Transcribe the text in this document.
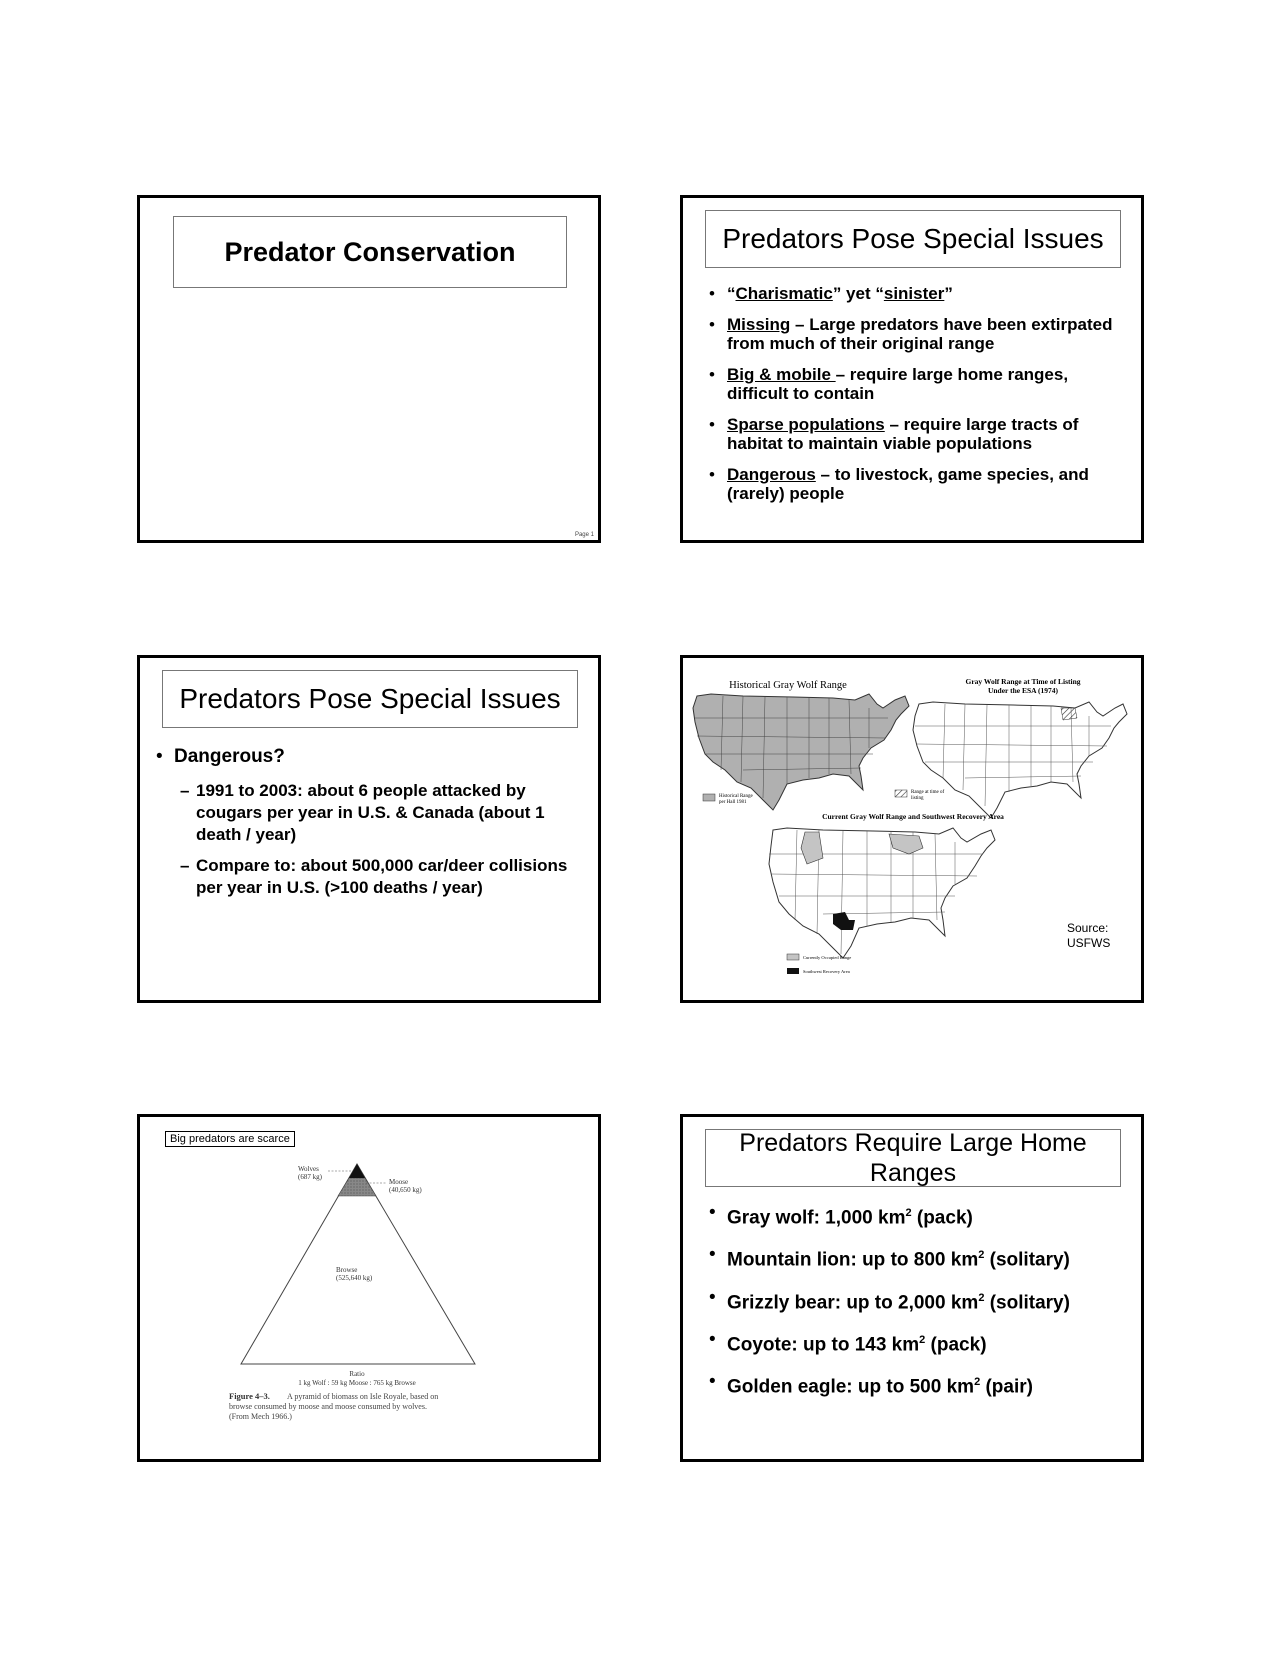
Predator Conservation
Page 1
Predators Pose Special Issues
• “Charismatic” yet “sinister”
• Missing – Large predators have been extirpated from much of their original range
• Big & mobile – require large home ranges, difficult to contain
• Sparse populations – require large tracts of habitat to maintain viable populations
• Dangerous – to livestock, game species, and (rarely) people
Predators Pose Special Issues
• Dangerous?
– 1991 to 2003: about 6 people attacked by cougars per year in U.S. & Canada (about 1 death / year)
– Compare to: about 500,000 car/deer collisions per year in U.S. (>100 deaths / year)
Historical Gray Wolf Range
Historical Range
per Hall 1981
Gray Wolf Range at Time of Listing
Under the ESA (1974)
Range at time of
listing
Current Gray Wolf Range and Southwest Recovery Area
Currently Occupied Range
Southwest Recovery Area
Source:
USFWS
Big predators are scarce
Wolves
(687 kg)
Moose
(40,650 kg)
Browse
(525,640 kg)
Ratio
1 kg Wolf : 59 kg Moose : 765 kg Browse
Figure 4–3. A pyramid of biomass on Isle Royale, based on
browse consumed by moose and moose consumed by wolves.
(From Mech 1966.)
Predators Require Large Home
Ranges
• Gray wolf: 1,000 $km^2$ (pack)
• Mountain lion: up to 800 $km^2$ (solitary)
• Grizzly bear: up to 2,000 $km^2$ (solitary)
• Coyote: up to 143 $km^2$ (pack)
• Golden eagle: up to 500 $km^2$ (pair)
